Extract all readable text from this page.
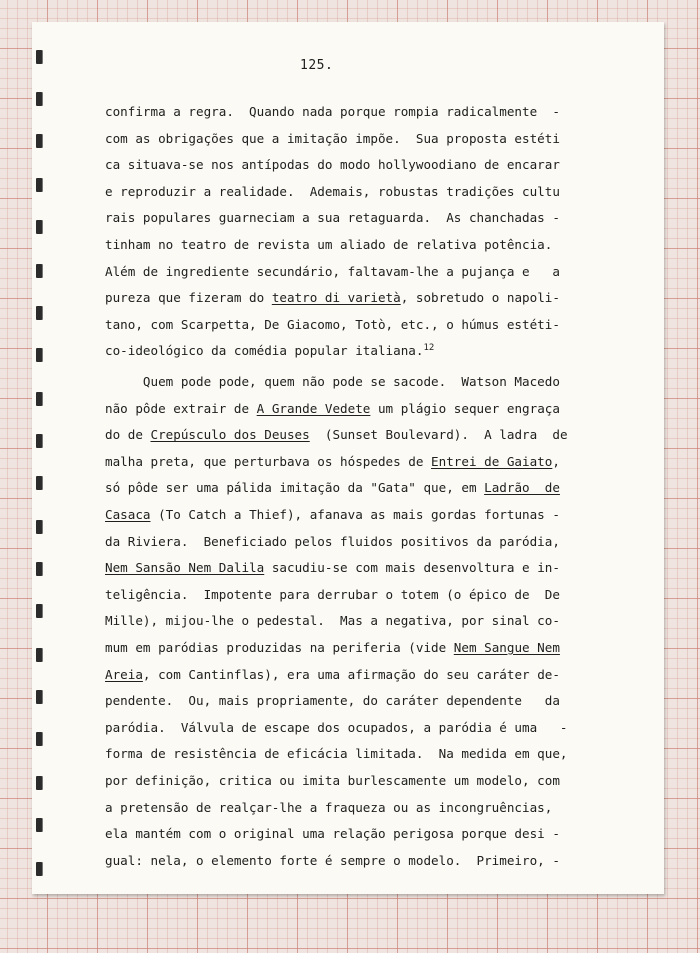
125.
confirma a regra.  Quando nada porque rompia radicalmente  -
com as obrigações que a imitação impõe.  Sua proposta estéti
ca situava-se nos antípodas do modo hollywoodiano de encarar
e reproduzir a realidade.  Ademais, robustas tradições cultu
rais populares guarneciam a sua retaguarda.  As chanchadas -
tinham no teatro de revista um aliado de relativa potência.
Além de ingrediente secundário, faltavam-lhe a pujança e   a
pureza que fizeram do teatro di varietà, sobretudo o napoli-
tano, com Scarpetta, De Giacomo, Totò, etc., o húmus estéti-
co-ideológico da comédia popular italiana.$^{12}$
Quem pode pode, quem não pode se sacode.  Watson Macedo
não pôde extrair de A Grande Vedete um plágio sequer engraça
do de Crepúsculo dos Deuses  (Sunset Boulevard).  A ladra  de
malha preta, que perturbava os hóspedes de Entrei de Gaiato,
só pôde ser uma pálida imitação da "Gata" que, em Ladrão  de
Casaca (To Catch a Thief), afanava as mais gordas fortunas -
da Riviera.  Beneficiado pelos fluidos positivos da paródia,
Nem Sansão Nem Dalila sacudiu-se com mais desenvoltura e in-
teligência.  Impotente para derrubar o totem (o épico de  De
Mille), mijou-lhe o pedestal.  Mas a negativa, por sinal co-
mum em paródias produzidas na periferia (vide Nem Sangue Nem
Areia, com Cantinflas), era uma afirmação do seu caráter de-
pendente.  Ou, mais propriamente, do caráter dependente   da
paródia.  Válvula de escape dos ocupados, a paródia é uma   -
forma de resistência de eficácia limitada.  Na medida em que,
por definição, critica ou imita burlescamente um modelo, com
a pretensão de realçar-lhe a fraqueza ou as incongruências,
ela mantém com o original uma relação perigosa porque desi -
gual: nela, o elemento forte é sempre o modelo.  Primeiro, -
